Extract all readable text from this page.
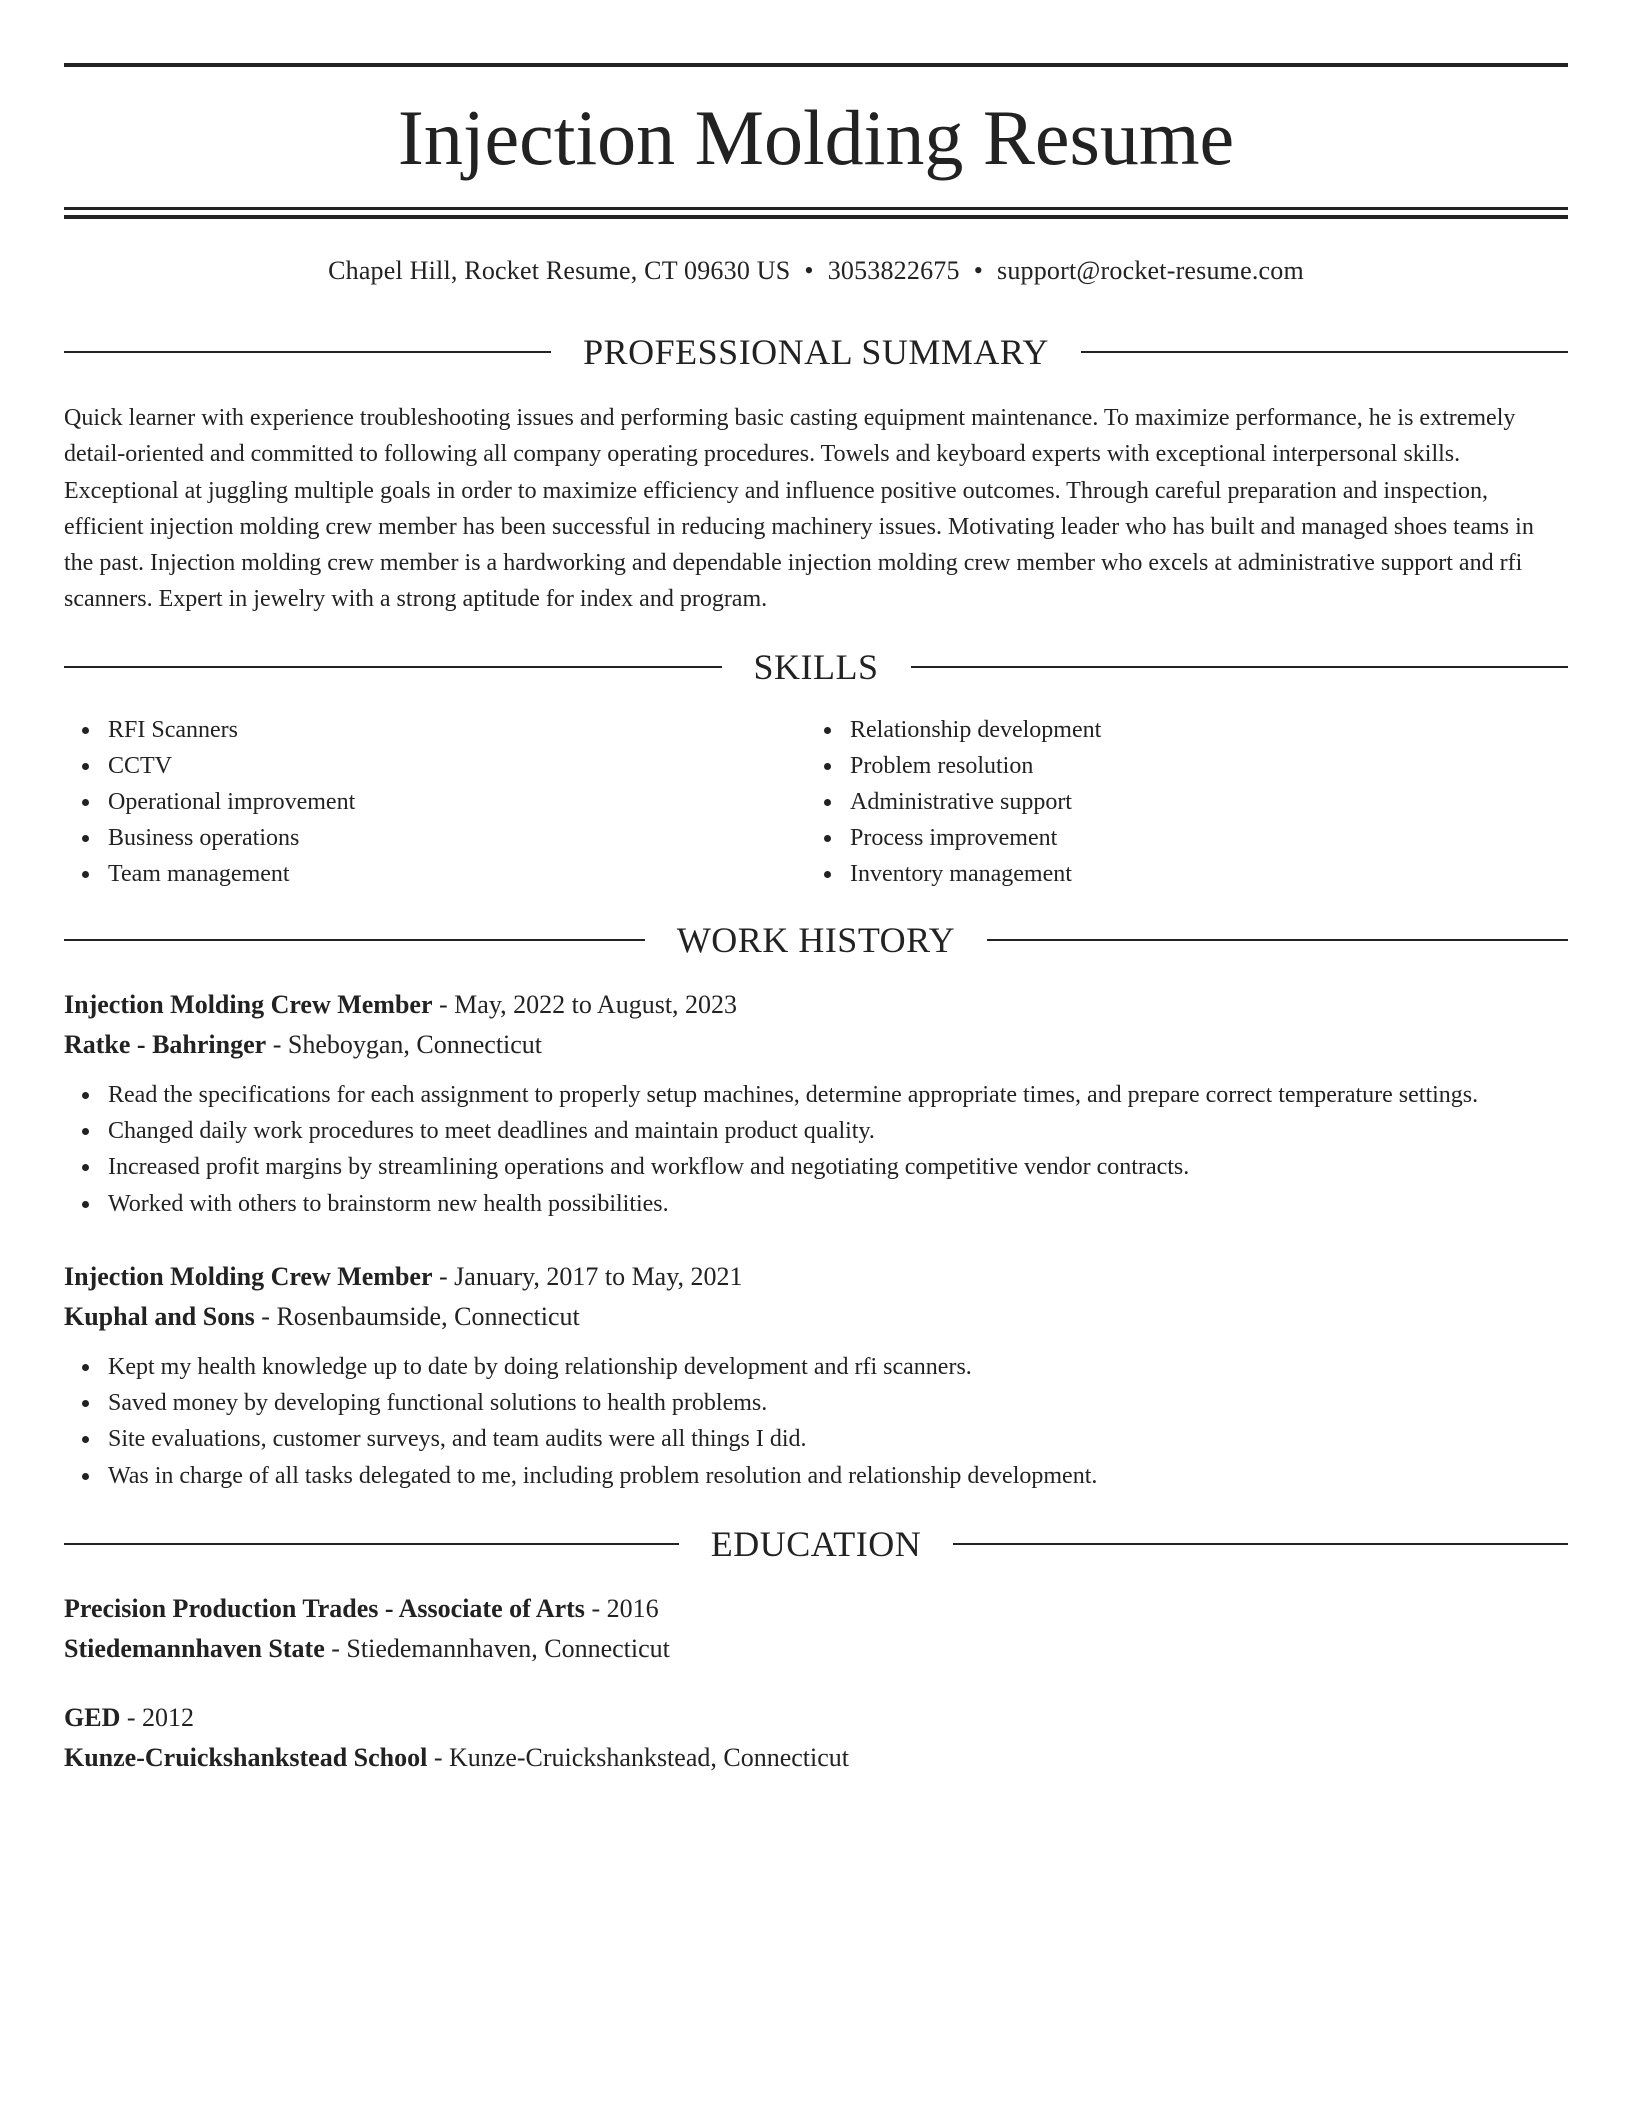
Injection Molding Resume
Chapel Hill, Rocket Resume, CT 09630 US • 3053822675 • support@rocket-resume.com
PROFESSIONAL SUMMARY

Quick learner with experience troubleshooting issues and performing basic casting equipment maintenance. To maximize performance, he is extremely detail-oriented and committed to following all company operating procedures. Towels and keyboard experts with exceptional interpersonal skills. Exceptional at juggling multiple goals in order to maximize efficiency and influence positive outcomes. Through careful preparation and inspection, efficient injection molding crew member has been successful in reducing machinery issues. Motivating leader who has built and managed shoes teams in the past. Injection molding crew member is a hardworking and dependable injection molding crew member who excels at administrative support and rfi scanners. Expert in jewelry with a strong aptitude for index and program.

SKILLS
RFI Scanners
CCTV
Operational improvement
Business operations
Team management
Relationship development
Problem resolution
Administrative support
Process improvement
Inventory management
WORK HISTORY
Injection Molding Crew Member - May, 2022 to August, 2023
Ratke - Bahringer - Sheboygan, Connecticut
Read the specifications for each assignment to properly setup machines, determine appropriate times, and prepare correct temperature settings.
Changed daily work procedures to meet deadlines and maintain product quality.
Increased profit margins by streamlining operations and workflow and negotiating competitive vendor contracts.
Worked with others to brainstorm new health possibilities.
Injection Molding Crew Member - January, 2017 to May, 2021
Kuphal and Sons - Rosenbaumside, Connecticut
Kept my health knowledge up to date by doing relationship development and rfi scanners.
Saved money by developing functional solutions to health problems.
Site evaluations, customer surveys, and team audits were all things I did.
Was in charge of all tasks delegated to me, including problem resolution and relationship development.
EDUCATION
Precision Production Trades - Associate of Arts - 2016
Stiedemannhaven State - Stiedemannhaven, Connecticut
GED - 2012
Kunze-Cruickshankstead School - Kunze-Cruickshankstead, Connecticut
